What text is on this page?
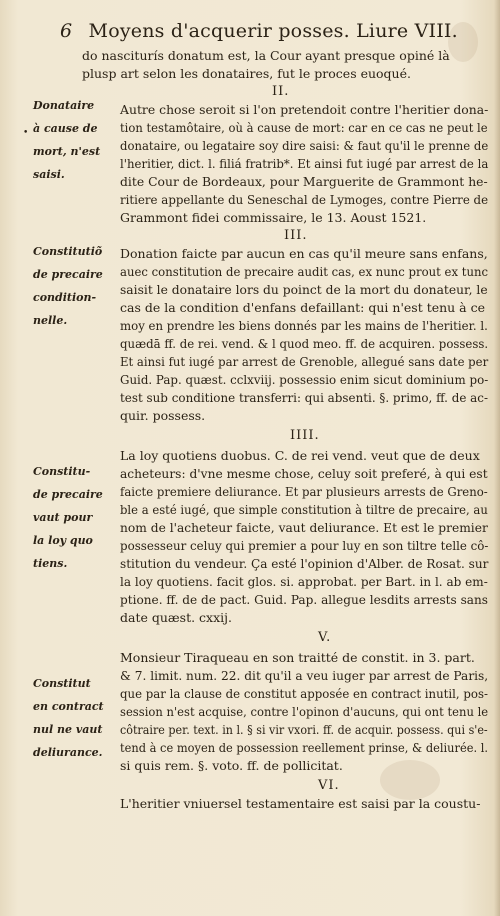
6 Moyens d'acquerir posses. Liure VIII.
•
Donataire
à cause de
mort, n'est
saisi.
Constitutiõ
de precaire
condition-
nelle.
Constitu-
de precaire
vaut pour
la loy quo
tiens.
Constitut
en contract
nul ne vaut
deliurance.
do nasciturís donatum est, la Cour ayant presque opiné là
plusp art selon les donataires, fut le proces euoqué.
II.
Autre chose seroit si l'on pretendoit contre l'heritier dona-
tion testamôtaire, où à cause de mort: car en ce cas ne peut le
donataire, ou legataire soy dire saisi: & faut qu'il le prenne de
l'heritier, dict. l. filiá fratrib*. Et ainsi fut iugé par arrest de la
dite Cour de Bordeaux, pour Marguerite de Grammont he-
ritiere appellante du Seneschal de Lymoges, contre Pierre de
Grammont fidei commissaire, le 13. Aoust 1521.
III.
Donation faicte par aucun en cas qu'il meure sans enfans,
auec constitution de precaire audit cas, ex nunc prout ex tunc
saisit le donataire lors du poinct de la mort du donateur, le
cas de la condition d'enfans defaillant: qui n'est tenu à ce
moy en prendre les biens donnés par les mains de l'heritier. l.
quædā ff. de rei. vend. & l quod meo. ff. de acquiren. possess.
Et ainsi fut iugé par arrest de Grenoble, allegué sans date per
Guid. Pap. quæst. cclxviij. possessio enim sicut dominium po-
test sub conditione transferri: qui absenti. §. primo, ff. de ac-
quir. possess.
IIII.
La loy quotiens duobus. C. de rei vend. veut que de deux
acheteurs: d'vne mesme chose, celuy soit preferé, à qui est
faicte premiere deliurance. Et par plusieurs arrests de Greno-
ble a esté iugé, que simple constitution à tiltre de precaire, au
nom de l'acheteur faicte, vaut deliurance. Et est le premier
possesseur celuy qui premier a pour luy en son tiltre telle cô-
stitution du vendeur. Ça esté l'opinion d'Alber. de Rosat. sur
la loy quotiens. facit glos. si. approbat. per Bart. in l. ab em-
ptione. ff. de de pact. Guid. Pap. allegue lesdits arrests sans
date quæst. cxxij.
V.
Monsieur Tiraqueau en son traitté de constit. in 3. part.
& 7. limit. num. 22. dit qu'il a veu iuger par arrest de Paris,
que par la clause de constitut apposée en contract inutil, pos-
session n'est acquise, contre l'opinon d'aucuns, qui ont tenu le
côtraire per. text. in l. § si vir vxori. ff. de acquir. possess. qui s'e-
tend à ce moyen de possession reellement prinse, & deliurée. l.
si quis rem. §. voto. ff. de pollicitat.
VI.
L'heritier vniuersel testamentaire est saisi par la coustu-
